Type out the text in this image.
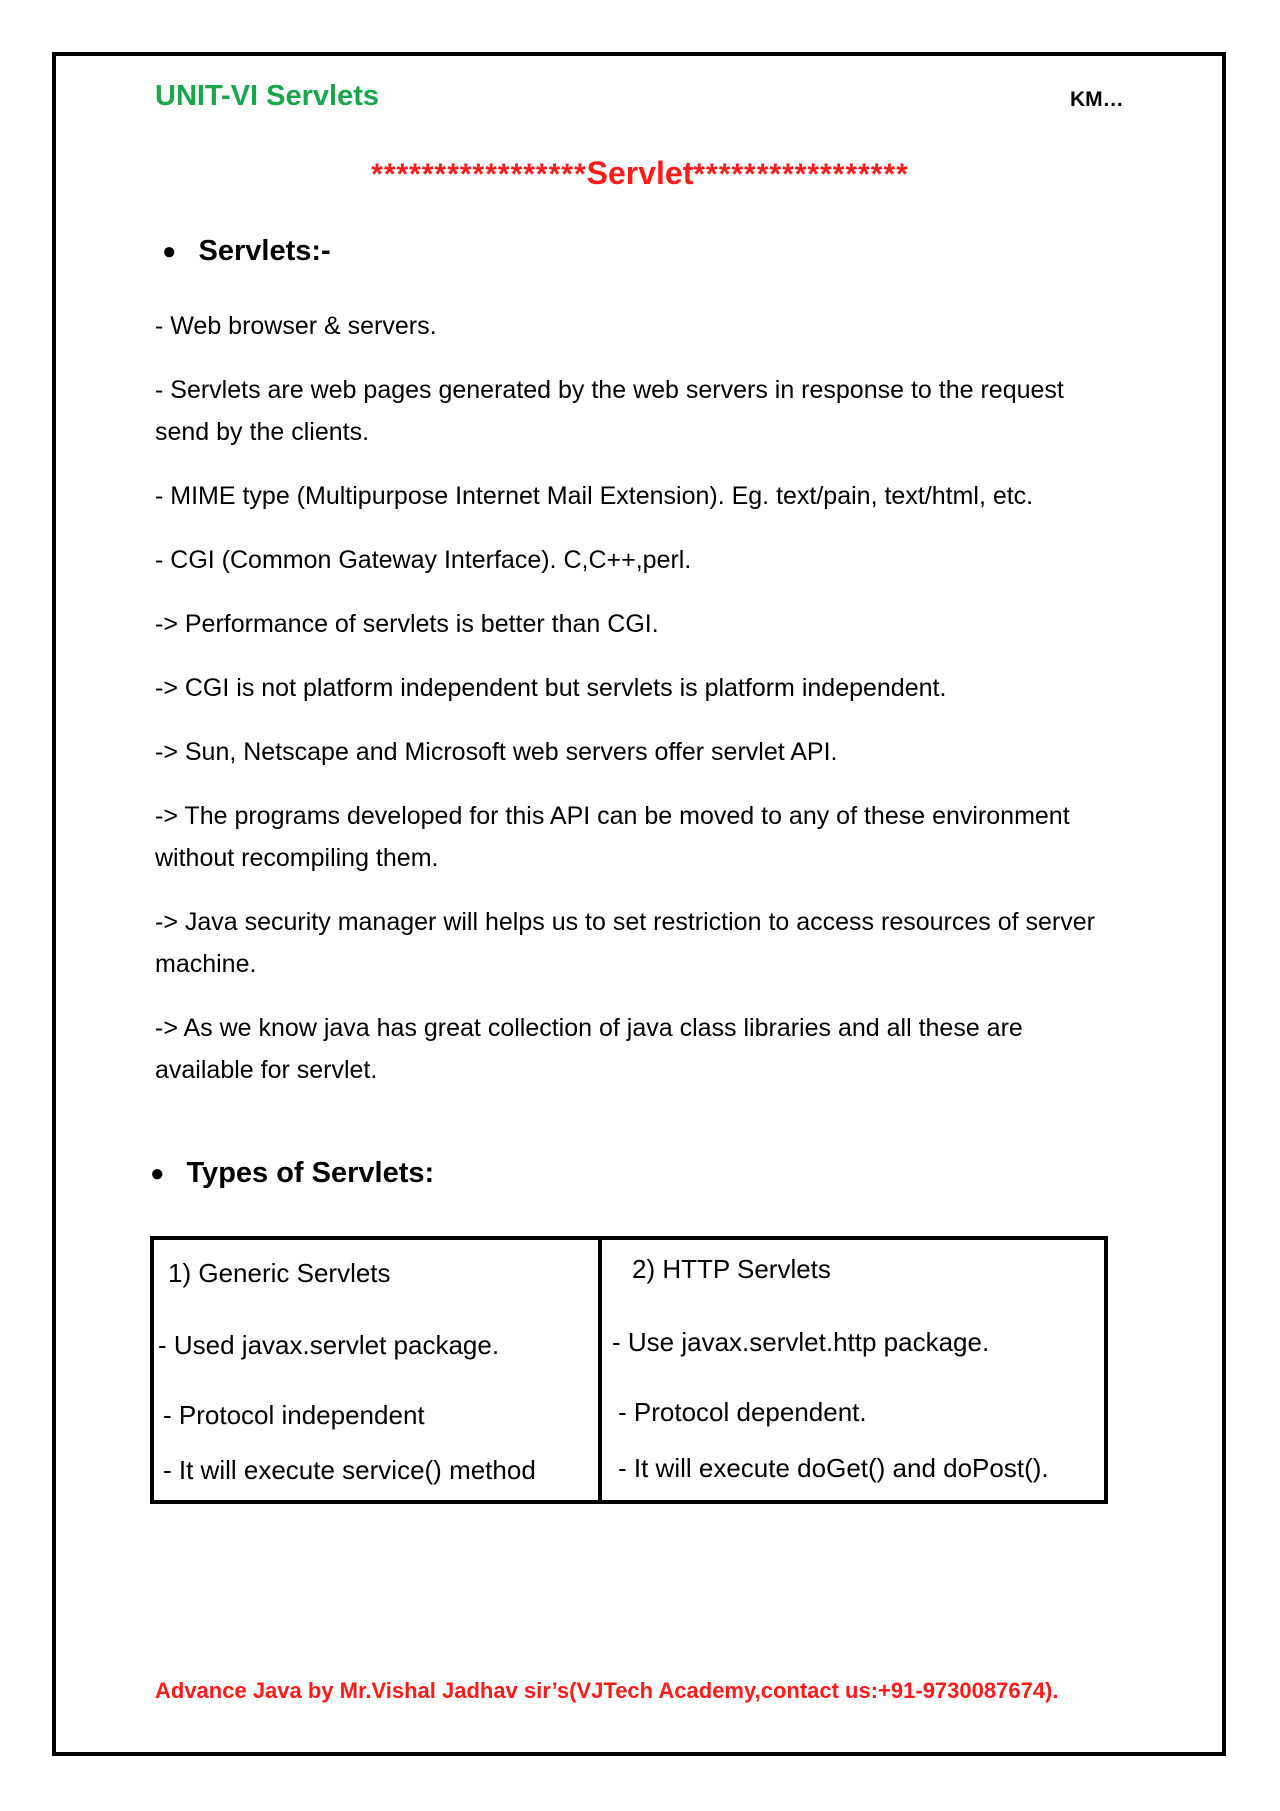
UNIT-VI Servlets	KM…
*****************Servlet*****************
● Servlets:-

- Web browser & servers.

- Servlets are web pages generated by the web servers in response to the request send by the clients.

- MIME type (Multipurpose Internet Mail Extension). Eg. text/pain, text/html, etc.

- CGI (Common Gateway Interface). C,C++,perl.

-> Performance of servlets is better than CGI.

-> CGI is not platform independent but servlets is platform independent.

-> Sun, Netscape and Microsoft web servers offer servlet API.

-> The programs developed for this API can be moved to any of these environment without recompiling them.

-> Java security manager will helps us to set restriction to access resources of server machine.

-> As we know java has great collection of java class libraries and all these are available for servlet.

● Types of Servlets:
1) Generic Servlets
- Used javax.servlet package.
- Protocol independent
- It will execute service() method
2) HTTP Servlets
- Use javax.servlet.http package.
- Protocol dependent.
- It will execute doGet() and doPost().
Advance Java by Mr.Vishal Jadhav sir’s(VJTech Academy,contact us:+91-9730087674).
